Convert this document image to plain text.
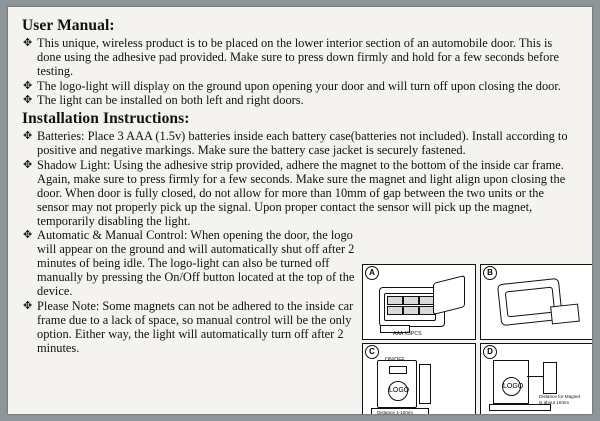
User Manual:
✥ This unique, wireless product is to be placed on the lower interior section of an automobile door. This is done using the adhesive pad provided. Make sure to press down firmly and hold for a few seconds before testing.
✥ The logo-light will display on the ground upon opening your door and will turn off upon closing the door.
✥ The light can be installed on both left and right doors.
Installation Instructions:
✥ Batteries: Place 3 AAA (1.5v) batteries inside each battery case(batteries not included). Install according to positive and negative markings. Make sure the battery case jacket is securely fastened.
✥ Shadow Light: Using the adhesive strip provided, adhere the magnet to the bottom of the inside car frame. Again, make sure to press firmly for a few seconds. Make sure the magnet and light align upon closing the door. When door is fully closed, do not allow for more than 10mm of gap between the two units or the sensor may not properly pick up the signal. Upon proper contact the sensor will pick up the magnet, temporarily disabling the light.
✥ Automatic & Manual Control: When opening the door, the logo will appear on the ground and will automatically shut off after 2 minutes of being idle. The logo-light can also be turned off manually by pressing the On/Off button located at the top of the device.
✥ Please Note: Some magnets can not be adhered to the inside car frame due to a lack of space, so manual control will be the only option. Either way, the light will automatically turn off after 2 minutes.
A
AAA X3PCS
B
C
LOGO
Distance 1-10mm
D
LOGO
Distance for Magnet
is about 10mm
